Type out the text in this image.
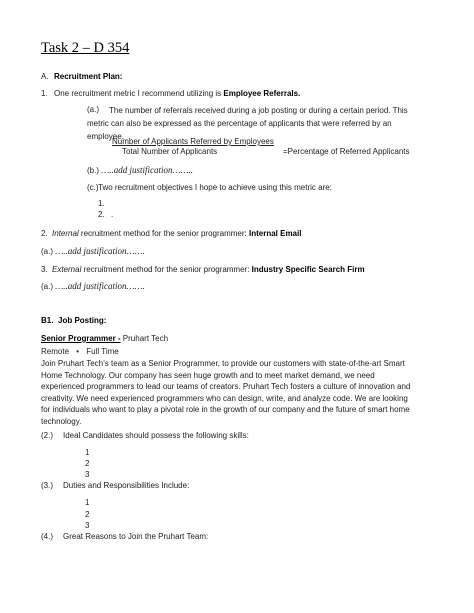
Task 2 – D 354
A. Recruitment Plan:
1. One recruitment metric I recommend utilizing is Employee Referrals.
(a.)	The number of referrals received during a job posting or during a certain period. This metric can also be expressed as the percentage of applicants that were referred by an employee.
Number of Applicants Referred by Employees
Total Number of Applicants	=Percentage of Referred Applicants
(b.) …..add justification……..
(c.) Two recruitment objectives I hope to achieve using this metric are:
1.
2. .
2. Internal recruitment method for the senior programmer: Internal Email
(a.) …..add justification…….
3. External recruitment method for the senior programmer: Industry Specific Search Firm
(a.) …..add justification…….
B1. Job Posting:
Senior Programmer - Pruhart Tech
Remote • Full Time
Join Pruhart Tech’s team as a Senior Programmer, to provide our customers with state-of-the-art Smart Home Technology. Our company has seen huge growth and to meet market demand, we need experienced programmers to lead our teams of creators. Pruhart Tech fosters a culture of innovation and creativity. We need experienced programmers who can design, write, and analyze code. We are looking for individuals who want to play a pivotal role in the growth of our company and the future of smart home technology.
(2.) Ideal Candidates should possess the following skills:
1
2
3
(3.) Duties and Responsibilities Include:
1
2
3
(4.) Great Reasons to Join the Pruhart Team:
